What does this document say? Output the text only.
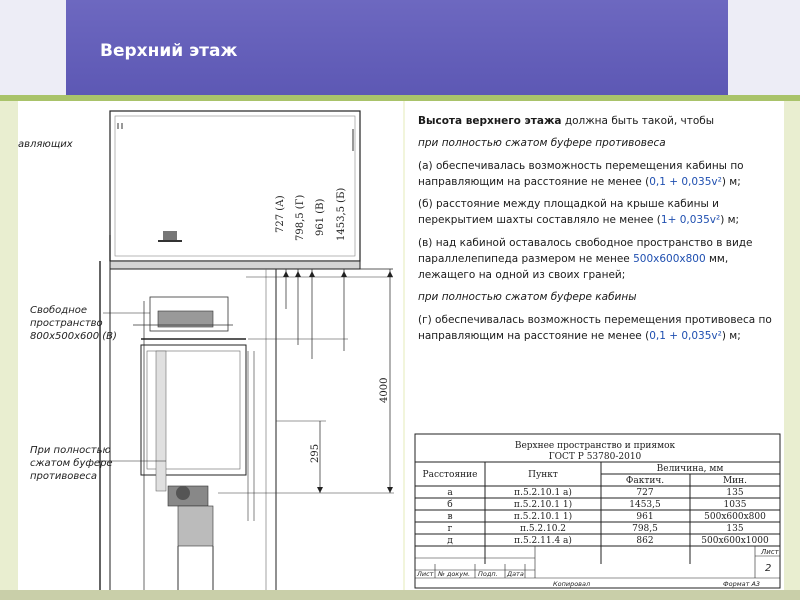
Верхний этаж
авляющих
Свободное
пространство
800x500x600 (В)
При полностью
сжатом буфере
противовеса
727 (А) 798,5 (Г) 961 (В) 1453,5 (Б)
4000
295

Высота верхнего этажа должна быть такой, чтобы

при полностью сжатом буфере противовеса

(а) обеспечивалась возможность перемещения кабины по направляющим на расстояние не менее (0,1 + 0,035v²) м;

(б) расстояние между площадкой на крыше кабины и перекрытием шахты составляло не менее (1+ 0,035v²) м;

(в) над кабиной оставалось свободное пространство в виде параллелепипеда размером не менее 500х600х800 мм, лежащего на одной из своих граней;

при полностью сжатом буфере кабины

(г) обеспечивалась возможность перемещения противовеса по направляющим на расстояние не менее (0,1 + 0,035v²) м;

Верхнее пространство и приямок
ГОСТ Р 53780-2010
Расстояние	Пункт
Величина, мм
Фактич.	Мин.
а	п.5.2.10.1 а)	727	135
б	п.5.2.10.1 1)	1453,5	1035
в	п.5.2.10.1 1)	961	500х600х800
г	п.5.2.10.2	798,5	135
д	п.5.2.11.4 а)	862	500х600х1000
Лист
2
Лист № докум. Подп. Дата
Копировал	Формат А3
